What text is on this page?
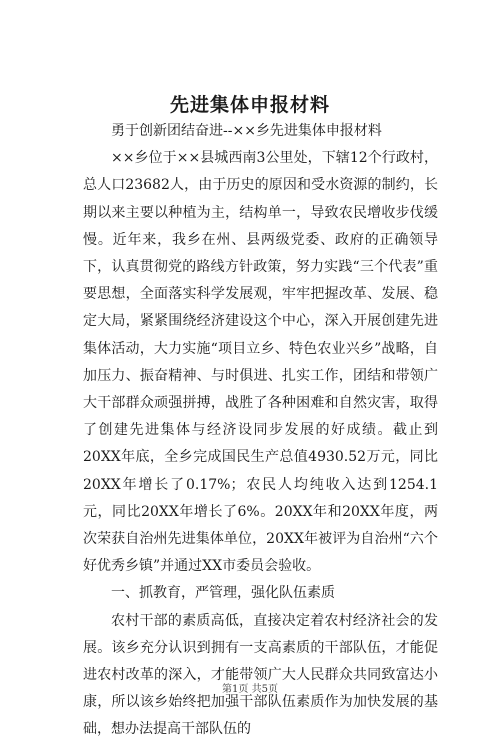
先进集体申报材料

勇于创新团结奋进--××乡先进集体申报材料

××乡位于××县城西南3公里处，下辖12个行政村，总人口23682人，由于历史的原因和受水资源的制约，长期以来主要以种植为主，结构单一，导致农民增收步伐缓慢。近年来，我乡在州、县两级党委、政府的正确领导下，认真贯彻党的路线方针政策，努力实践“三个代表”重要思想，全面落实科学发展观，牢牢把握改革、发展、稳定大局，紧紧围绕经济建设这个中心，深入开展创建先进集体活动，大力实施“项目立乡、特色农业兴乡”战略，自加压力、振奋精神、与时俱进、扎实工作，团结和带领广大干部群众顽强拼搏，战胜了各种困难和自然灾害，取得了创建先进集体与经济设同步发展的好成绩。截止到20XX年底，全乡完成国民生产总值4930.52万元，同比20XX年增长了0.17%；农民人均纯收入达到1254.1元，同比20XX年增长了6%。20XX年和20XX年度，两次荣获自治州先进集体单位，20XX年被评为自治州“六个好优秀乡镇”并通过XX市委员会验收。

一、抓教育，严管理，强化队伍素质

农村干部的素质高低，直接决定着农村经济社会的发展。该乡充分认识到拥有一支高素质的干部队伍，才能促进农村改革的深入，才能带领广大人民群众共同致富达小康，所以该乡始终把加强干部队伍素质作为加快发展的基础，想办法提高干部队伍的

第1页 共5页
